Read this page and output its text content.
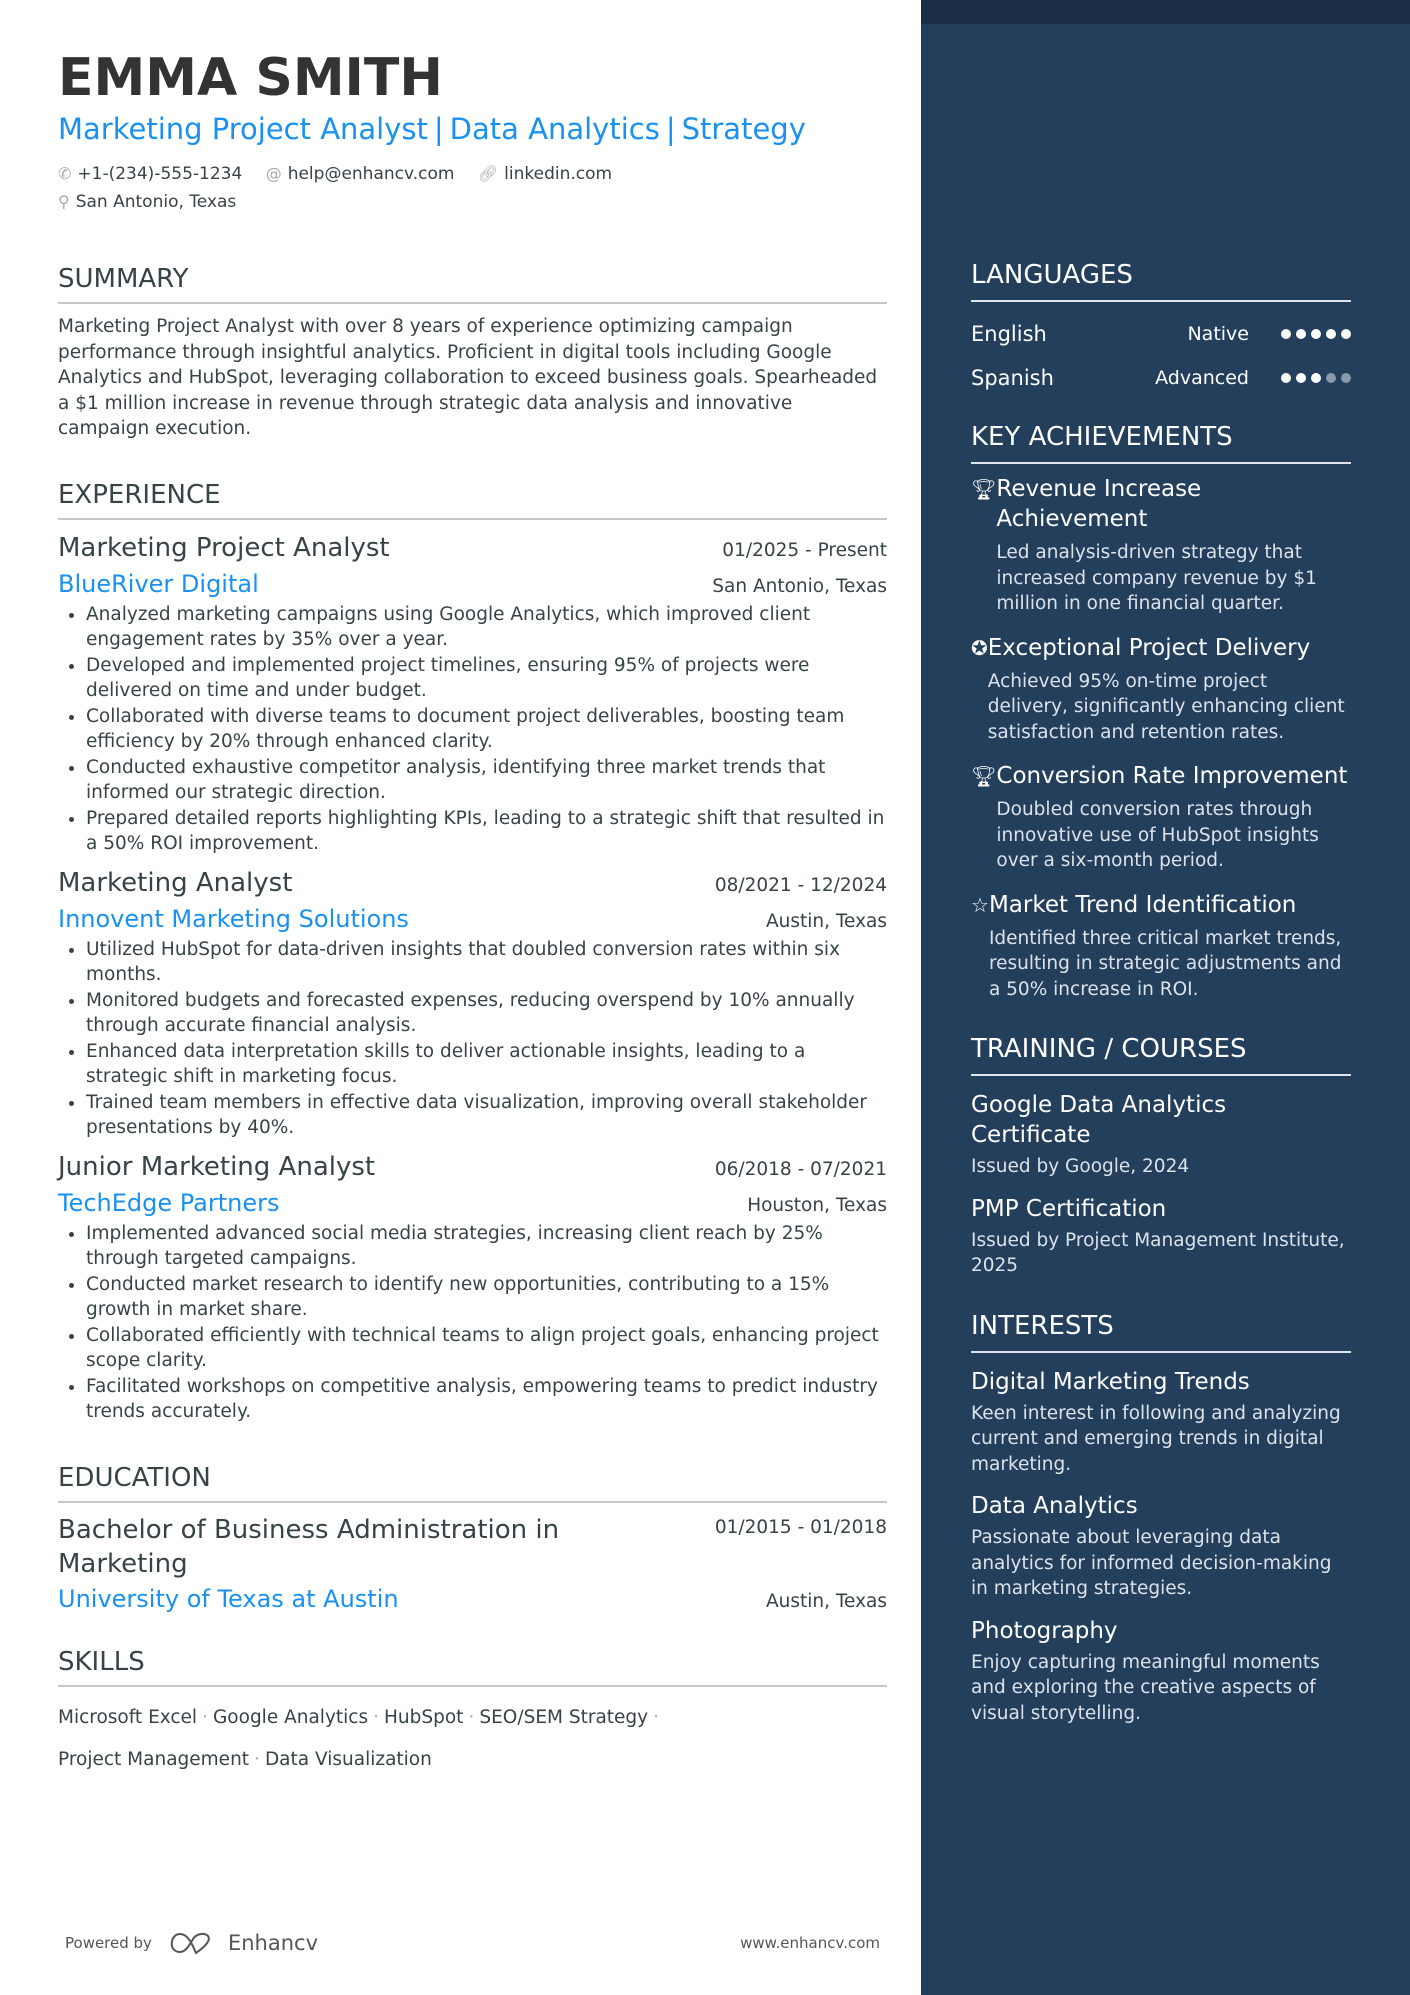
EMMA SMITH
Marketing Project Analyst | Data Analytics | Strategy
✆ +1-(234)-555-1234 @ help@enhancv.com 🔗︎ linkedin.com
⚲ San Antonio, Texas
SUMMARY
Marketing Project Analyst with over 8 years of experience optimizing campaign performance through insightful analytics. Proficient in digital tools including Google Analytics and HubSpot, leveraging collaboration to exceed business goals. Spearheaded a $1 million increase in revenue through strategic data analysis and innovative campaign execution.
EXPERIENCE
Marketing Project Analyst	01/2025 - Present
BlueRiver Digital	San Antonio, Texas
• Analyzed marketing campaigns using Google Analytics, which improved client engagement rates by 35% over a year.
• Developed and implemented project timelines, ensuring 95% of projects were delivered on time and under budget.
• Collaborated with diverse teams to document project deliverables, boosting team efficiency by 20% through enhanced clarity.
• Conducted exhaustive competitor analysis, identifying three market trends that informed our strategic direction.
• Prepared detailed reports highlighting KPIs, leading to a strategic shift that resulted in a 50% ROI improvement.
Marketing Analyst	08/2021 - 12/2024
Innovent Marketing Solutions	Austin, Texas
• Utilized HubSpot for data-driven insights that doubled conversion rates within six months.
• Monitored budgets and forecasted expenses, reducing overspend by 10% annually through accurate financial analysis.
• Enhanced data interpretation skills to deliver actionable insights, leading to a strategic shift in marketing focus.
• Trained team members in effective data visualization, improving overall stakeholder presentations by 40%.
Junior Marketing Analyst	06/2018 - 07/2021
TechEdge Partners	Houston, Texas
• Implemented advanced social media strategies, increasing client reach by 25% through targeted campaigns.
• Conducted market research to identify new opportunities, contributing to a 15% growth in market share.
• Collaborated efficiently with technical teams to align project goals, enhancing project scope clarity.
• Facilitated workshops on competitive analysis, empowering teams to predict industry trends accurately.
EDUCATION
Bachelor of Business Administration in Marketing
01/2015 - 01/2018
University of Texas at Austin	Austin, Texas
SKILLS
Microsoft Excel · Google Analytics · HubSpot · SEO/SEM Strategy ·
Project Management · Data Visualization
Powered by	Enhancv	www.enhancv.com
LANGUAGES
English	Native
Spanish	Advanced
KEY ACHIEVEMENTS
🏆︎ Revenue Increase Achievement
Led analysis-driven strategy that increased company revenue by $1 million in one financial quarter.
✪ Exceptional Project Delivery
Achieved 95% on-time project delivery, significantly enhancing client satisfaction and retention rates.
🏆︎ Conversion Rate Improvement
Doubled conversion rates through innovative use of HubSpot insights over a six-month period.
☆ Market Trend Identification
Identified three critical market trends, resulting in strategic adjustments and a 50% increase in ROI.
TRAINING / COURSES
Google Data Analytics Certificate
Issued by Google, 2024
PMP Certification
Issued by Project Management Institute, 2025
INTERESTS
Digital Marketing Trends
Keen interest in following and analyzing current and emerging trends in digital marketing.
Data Analytics
Passionate about leveraging data analytics for informed decision-making in marketing strategies.
Photography
Enjoy capturing meaningful moments and exploring the creative aspects of visual storytelling.
